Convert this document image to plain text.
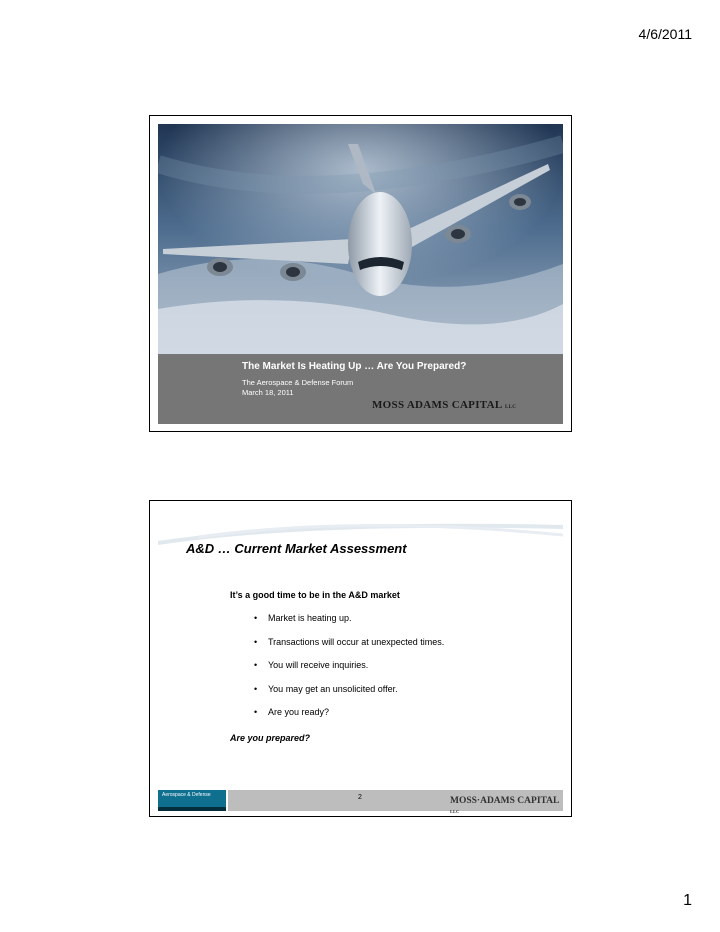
4/6/2011
The Market Is Heating Up … Are You Prepared?
The Aerospace & Defense Forum
March 18, 2011
MOSS ADAMS CAPITAL LLC
A&D … Current Market Assessment
It’s a good time to be in the A&D market
• Market is heating up.
• Transactions will occur at unexpected times.
• You will receive inquiries.
• You may get an unsolicited offer.
• Are you ready?
Are you prepared?
Aerospace & Defense	2	MOSS·ADAMS CAPITAL LLC
1
